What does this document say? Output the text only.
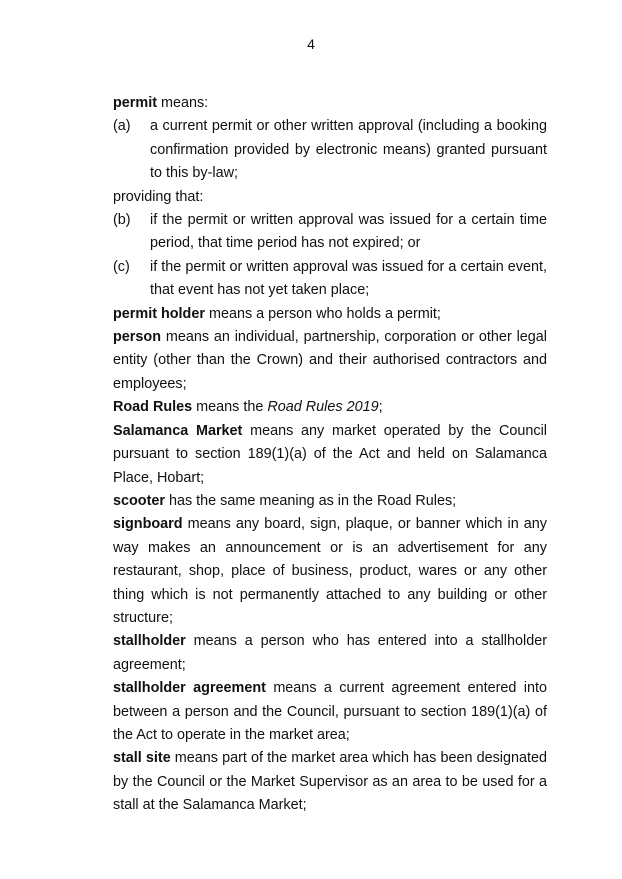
4

permit means:

(a)	a current permit or other written approval (including a booking confirmation provided by electronic means) granted pursuant to this by-law;

providing that:

(b)	if the permit or written approval was issued for a certain time period, that time period has not expired; or
(c)	if the permit or written approval was issued for a certain event, that event has not yet taken place;

permit holder means a person who holds a permit;

person means an individual, partnership, corporation or other legal entity (other than the Crown) and their authorised contractors and employees;

Road Rules means the Road Rules 2019;

Salamanca Market means any market operated by the Council pursuant to section 189(1)(a) of the Act and held on Salamanca Place, Hobart;

scooter has the same meaning as in the Road Rules;

signboard means any board, sign, plaque, or banner which in any way makes an announcement or is an advertisement for any restaurant, shop, place of business, product, wares or any other thing which is not permanently attached to any building or other structure;

stallholder means a person who has entered into a stallholder agreement;

stallholder agreement means a current agreement entered into between a person and the Council, pursuant to section 189(1)(a) of the Act to operate in the market area;

stall site means part of the market area which has been designated by the Council or the Market Supervisor as an area to be used for a stall at the Salamanca Market;
